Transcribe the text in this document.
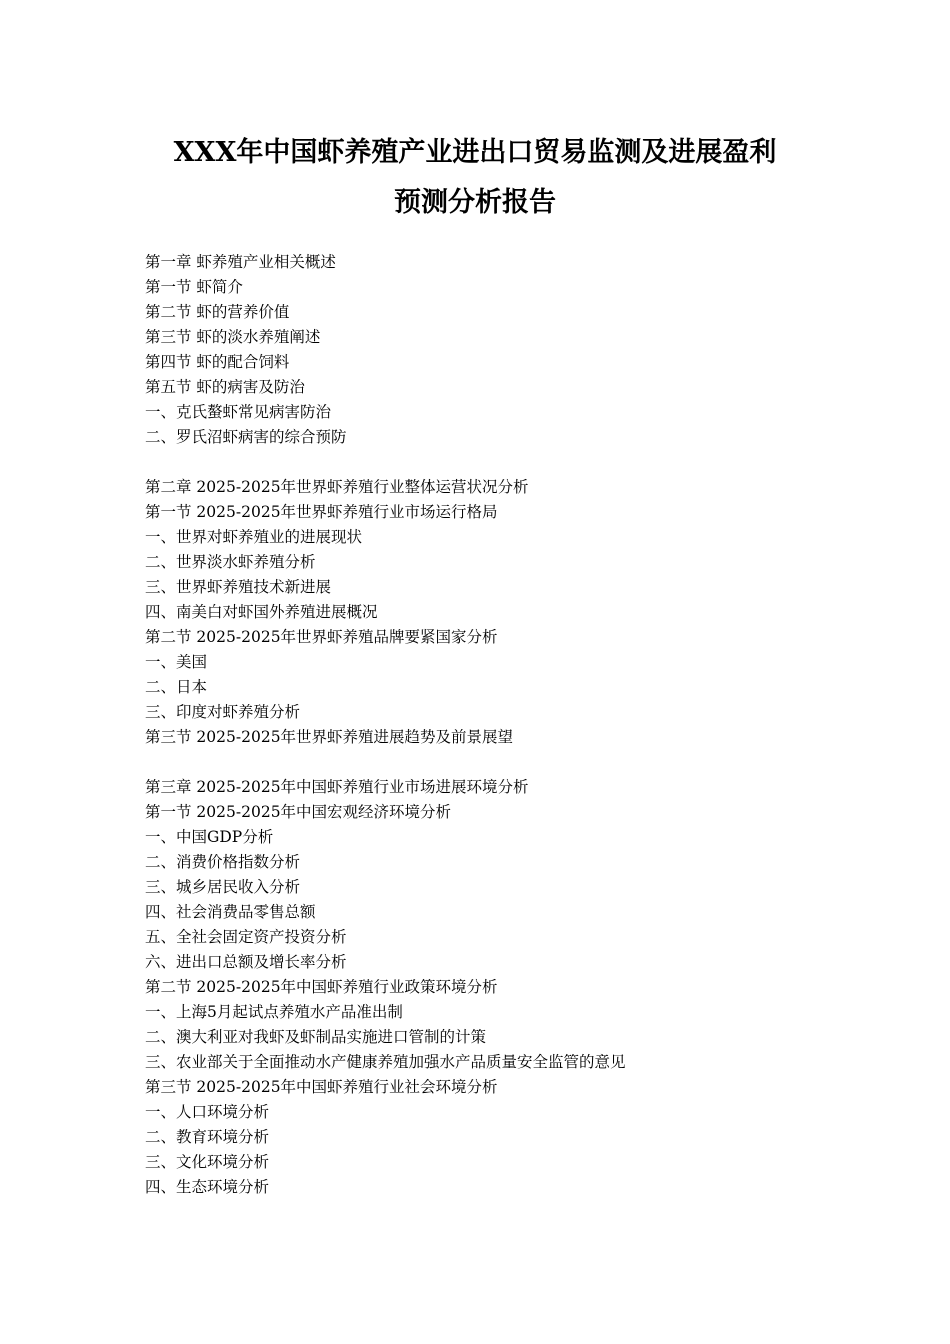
XXX年中国虾养殖产业进出口贸易监测及进展盈利
预测分析报告
第一章 虾养殖产业相关概述
第一节 虾简介
第二节 虾的营养价值
第三节 虾的淡水养殖阐述
第四节 虾的配合饲料
第五节 虾的病害及防治
一、克氏螯虾常见病害防治
二、罗氏沼虾病害的综合预防
第二章 2025-2025年世界虾养殖行业整体运营状况分析
第一节 2025-2025年世界虾养殖行业市场运行格局
一、世界对虾养殖业的进展现状
二、世界淡水虾养殖分析
三、世界虾养殖技术新进展
四、南美白对虾国外养殖进展概况
第二节 2025-2025年世界虾养殖品牌要紧国家分析
一、美国
二、日本
三、印度对虾养殖分析
第三节 2025-2025年世界虾养殖进展趋势及前景展望
第三章 2025-2025年中国虾养殖行业市场进展环境分析
第一节 2025-2025年中国宏观经济环境分析
一、中国GDP分析
二、消费价格指数分析
三、城乡居民收入分析
四、社会消费品零售总额
五、全社会固定资产投资分析
六、进出口总额及增长率分析
第二节 2025-2025年中国虾养殖行业政策环境分析
一、上海5月起试点养殖水产品准出制
二、澳大利亚对我虾及虾制品实施进口管制的计策
三、农业部关于全面推动水产健康养殖加强水产品质量安全监管的意见
第三节 2025-2025年中国虾养殖行业社会环境分析
一、人口环境分析
二、教育环境分析
三、文化环境分析
四、生态环境分析
